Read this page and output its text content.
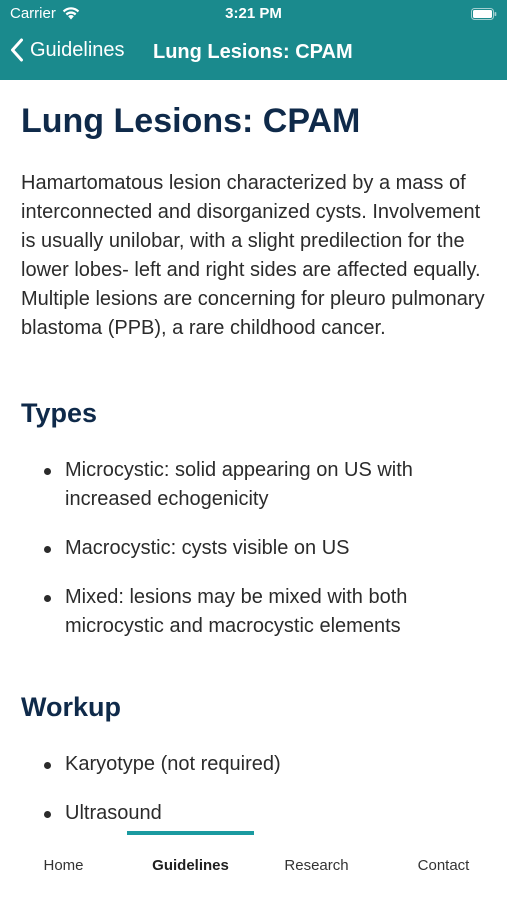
Carrier	3:21 PM
Guidelines Lung Lesions: CPAM
Lung Lesions: CPAM

Hamartomatous lesion characterized by a mass of interconnected and disorganized cysts. Involvement is usually unilobar, with a slight predilection for the lower lobes- left and right sides are affected equally. Multiple lesions are concerning for pleuro pulmonary blastoma (PPB), a rare childhood cancer.

Types
Microcystic: solid appearing on US with increased echogenicity
Macrocystic: cysts visible on US
Mixed: lesions may be mixed with both microcystic and macrocystic elements
Workup
Karyotype (not required)
Ultrasound
Home	Guidelines	Research	Contact
